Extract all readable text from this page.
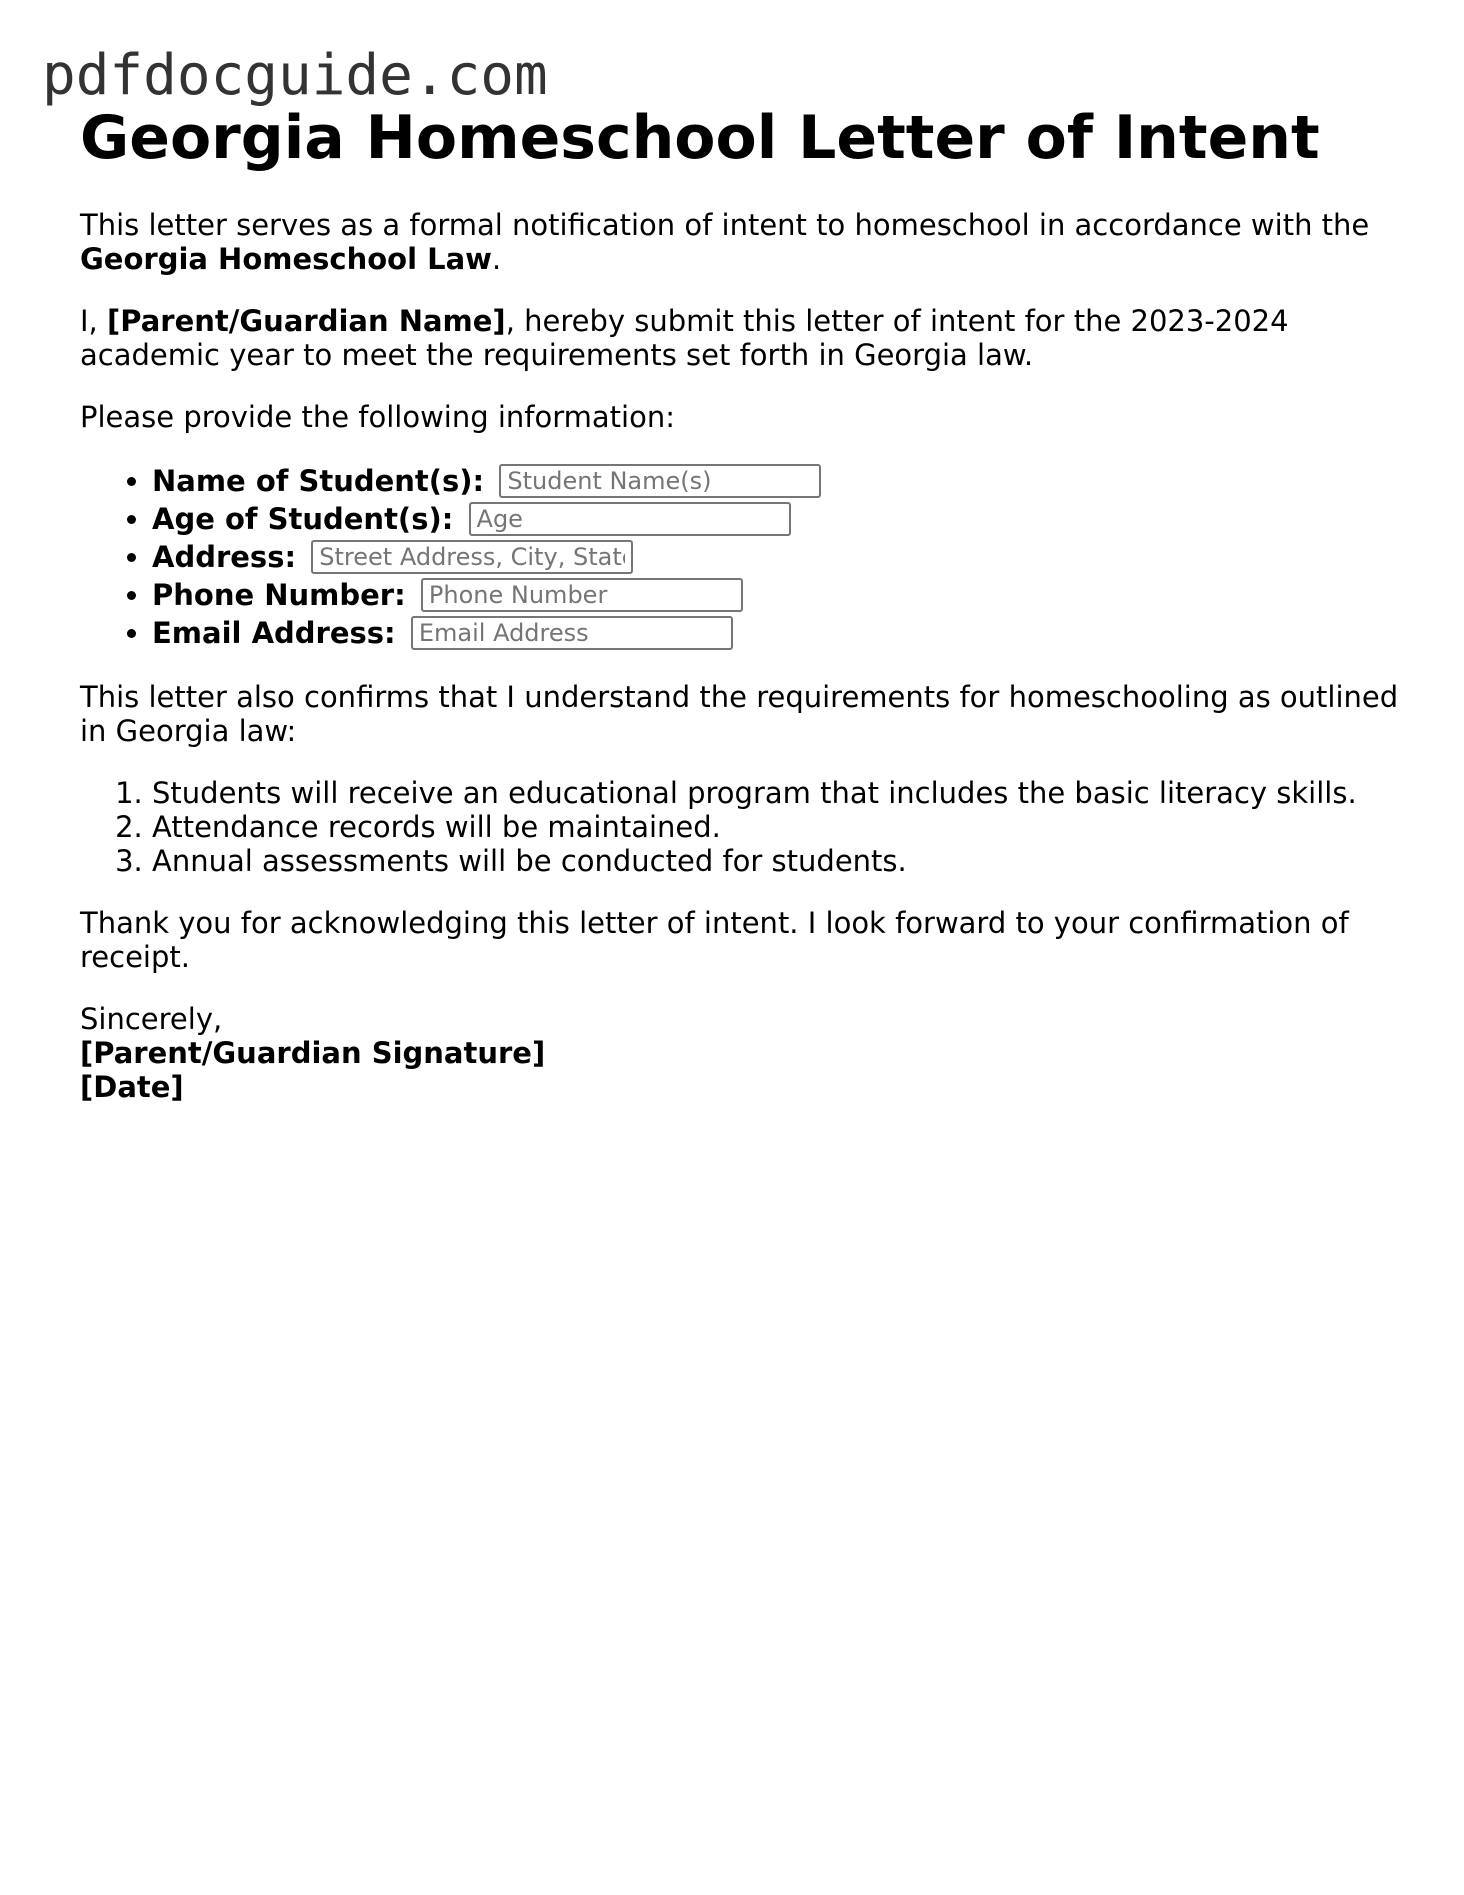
pdfdocguide.com
Georgia Homeschool Letter of Intent

This letter serves as a formal notification of intent to homeschool in accordance with the Georgia Homeschool Law.

I, [Parent/Guardian Name], hereby submit this letter of intent for the 2023-2024 academic year to meet the requirements set forth in Georgia law.

Please provide the following information:

• Name of Student(s): Student Name(s)
• Age of Student(s): Age
• Address: Street Address, City, State
• Phone Number: Phone Number
• Email Address: Email Address

This letter also confirms that I understand the requirements for homeschooling as outlined in Georgia law:

1. Students will receive an educational program that includes the basic literacy skills.
2. Attendance records will be maintained.
3. Annual assessments will be conducted for students.

Thank you for acknowledging this letter of intent. I look forward to your confirmation of receipt.

Sincerely,

[Parent/Guardian Signature]

[Date]
